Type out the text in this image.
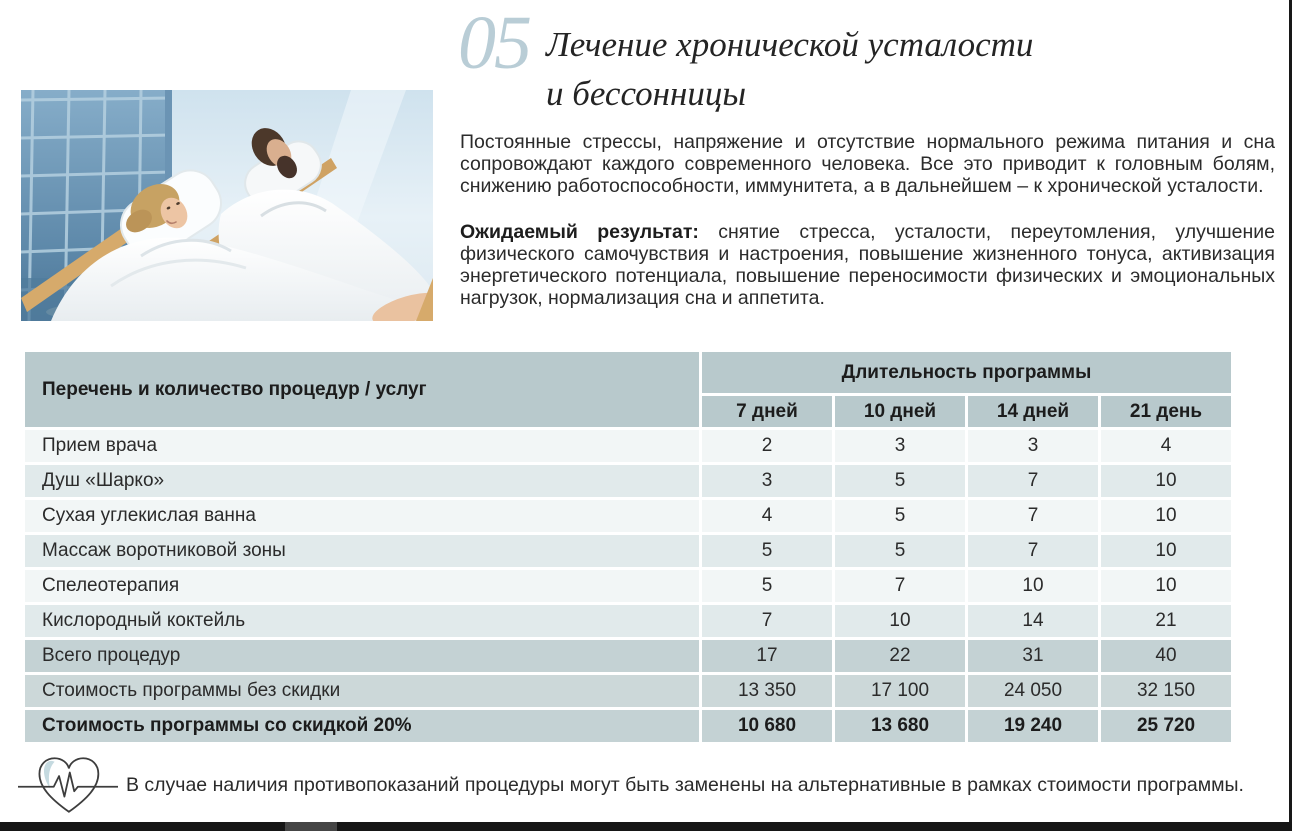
05 Лечение хронической усталости
и бессонницы

Постоянные стрессы, напряжение и отсутствие нормального режима питания и сна сопровождают каждого современного человека. Все это приводит к головным болям, снижению работоспособности, иммунитета, а в дальнейшем – к хронической усталости.

Ожидаемый результат: снятие стресса, усталости, переутомления, улучшение физического самочувствия и настроения, повышение жизненного тонуса, активизация энергетического потенциала, повышение переносимости физических и эмоциональных нагрузок, нормализация сна и аппетита.

Перечень и количество процедур / услуг	Длительность программы			
	7 дней	10 дней	14 дней	21 день
Прием врача	2	3	3	4
Душ «Шарко»	3	5	7	10
Сухая углекислая ванна	4	5	7	10
Массаж воротниковой зоны	5	5	7	10
Спелеотерапия	5	7	10	10
Кислородный коктейль	7	10	14	21
Всего процедур	17	22	31	40
Стоимость программы без скидки	13 350	17 100	24 050	32 150
Стоимость программы со скидкой 20%	10 680	13 680	19 240	25 720
В случае наличия противопоказаний процедуры могут быть заменены на альтернативные в рамках стоимости программы.
